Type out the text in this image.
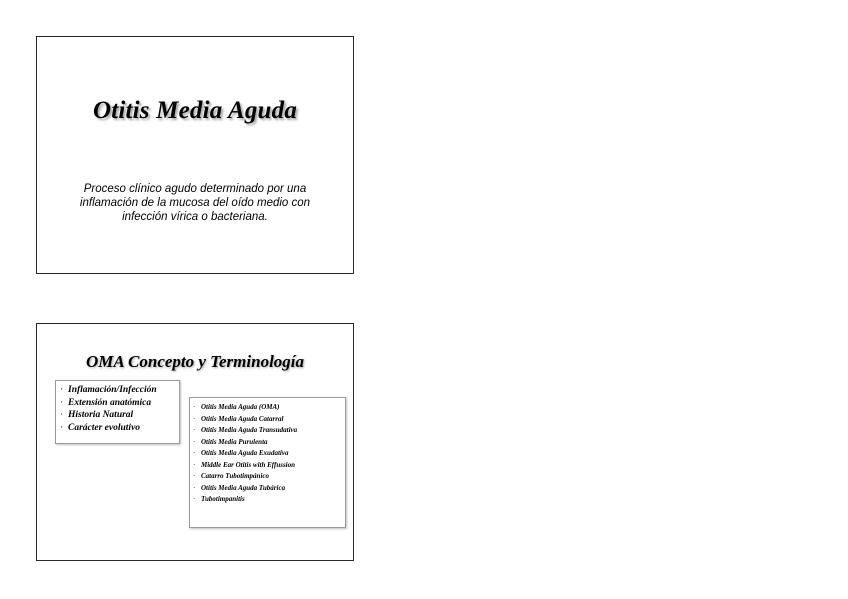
Otitis Media Aguda
Proceso clínico agudo determinado por una
inflamación de la mucosa del oído medio con
infección vírica o bacteriana.
OMA Concepto y Terminología
· Inflamación/Infección
· Extensión anatómica
· Historia Natural
· Carácter evolutivo
· Otitis Media Aguda (OMA)
· Otitis Media Aguda Catarral
· Otitis Media Aguda Transudativa
· Otitis Media Purulenta
· Otitis Media Aguda Exudativa
· Middle Ear Otitis with Effussion
· Catarro Tubotimpánico
· Otitis Media Aguda Tubárica
· Tubotimpanitis
